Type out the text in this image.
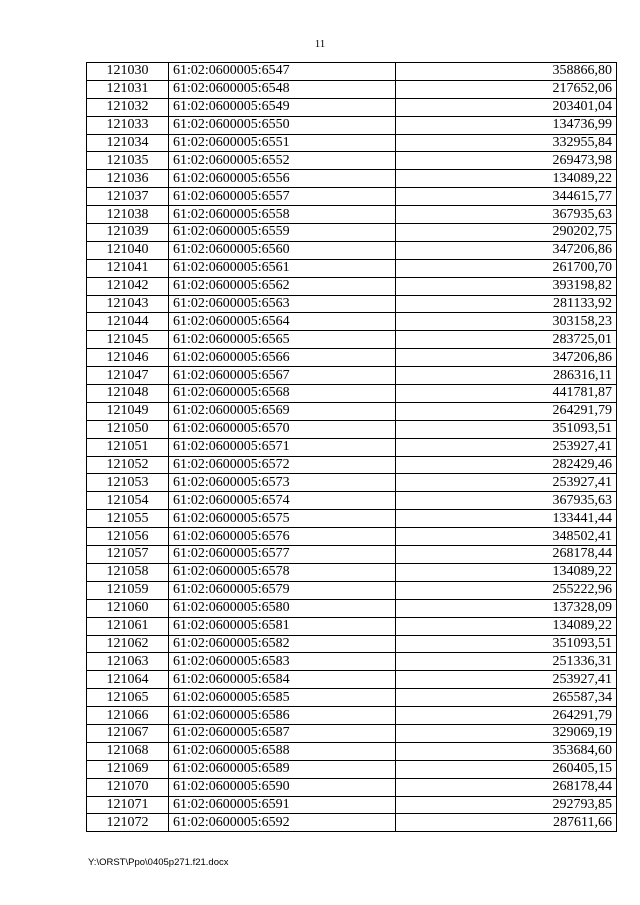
11
121030	61:02:0600005:6547	358866,80
121031	61:02:0600005:6548	217652,06
121032	61:02:0600005:6549	203401,04
121033	61:02:0600005:6550	134736,99
121034	61:02:0600005:6551	332955,84
121035	61:02:0600005:6552	269473,98
121036	61:02:0600005:6556	134089,22
121037	61:02:0600005:6557	344615,77
121038	61:02:0600005:6558	367935,63
121039	61:02:0600005:6559	290202,75
121040	61:02:0600005:6560	347206,86
121041	61:02:0600005:6561	261700,70
121042	61:02:0600005:6562	393198,82
121043	61:02:0600005:6563	281133,92
121044	61:02:0600005:6564	303158,23
121045	61:02:0600005:6565	283725,01
121046	61:02:0600005:6566	347206,86
121047	61:02:0600005:6567	286316,11
121048	61:02:0600005:6568	441781,87
121049	61:02:0600005:6569	264291,79
121050	61:02:0600005:6570	351093,51
121051	61:02:0600005:6571	253927,41
121052	61:02:0600005:6572	282429,46
121053	61:02:0600005:6573	253927,41
121054	61:02:0600005:6574	367935,63
121055	61:02:0600005:6575	133441,44
121056	61:02:0600005:6576	348502,41
121057	61:02:0600005:6577	268178,44
121058	61:02:0600005:6578	134089,22
121059	61:02:0600005:6579	255222,96
121060	61:02:0600005:6580	137328,09
121061	61:02:0600005:6581	134089,22
121062	61:02:0600005:6582	351093,51
121063	61:02:0600005:6583	251336,31
121064	61:02:0600005:6584	253927,41
121065	61:02:0600005:6585	265587,34
121066	61:02:0600005:6586	264291,79
121067	61:02:0600005:6587	329069,19
121068	61:02:0600005:6588	353684,60
121069	61:02:0600005:6589	260405,15
121070	61:02:0600005:6590	268178,44
121071	61:02:0600005:6591	292793,85
121072	61:02:0600005:6592	287611,66
Y:\ORST\Ppo\0405p271.f21.docx
